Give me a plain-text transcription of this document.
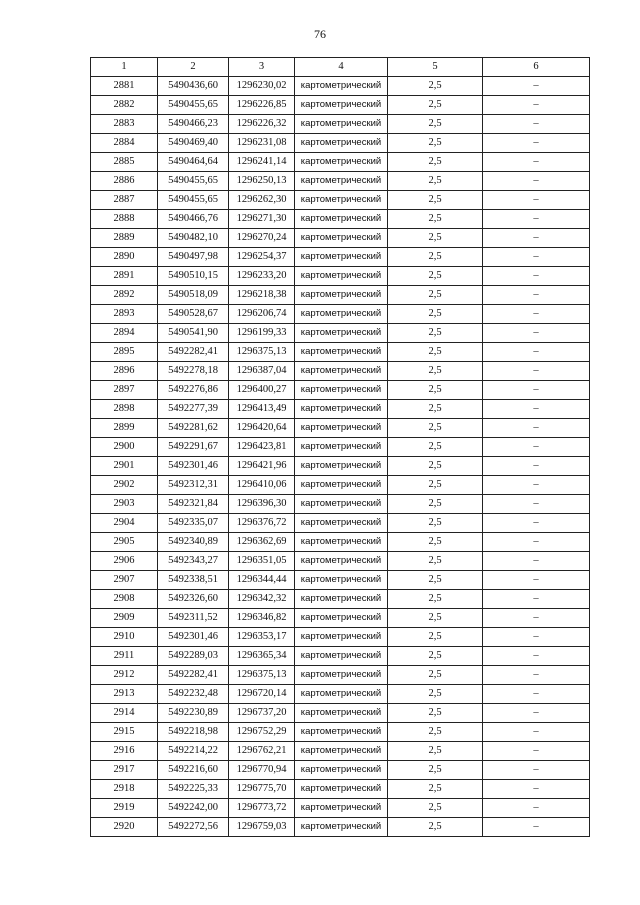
76
1	2	3	4	5	6
2881	5490436,60	1296230,02	картометрический	2,5	–
2882	5490455,65	1296226,85	картометрический	2,5	–
2883	5490466,23	1296226,32	картометрический	2,5	–
2884	5490469,40	1296231,08	картометрический	2,5	–
2885	5490464,64	1296241,14	картометрический	2,5	–
2886	5490455,65	1296250,13	картометрический	2,5	–
2887	5490455,65	1296262,30	картометрический	2,5	–
2888	5490466,76	1296271,30	картометрический	2,5	–
2889	5490482,10	1296270,24	картометрический	2,5	–
2890	5490497,98	1296254,37	картометрический	2,5	–
2891	5490510,15	1296233,20	картометрический	2,5	–
2892	5490518,09	1296218,38	картометрический	2,5	–
2893	5490528,67	1296206,74	картометрический	2,5	–
2894	5490541,90	1296199,33	картометрический	2,5	–
2895	5492282,41	1296375,13	картометрический	2,5	–
2896	5492278,18	1296387,04	картометрический	2,5	–
2897	5492276,86	1296400,27	картометрический	2,5	–
2898	5492277,39	1296413,49	картометрический	2,5	–
2899	5492281,62	1296420,64	картометрический	2,5	–
2900	5492291,67	1296423,81	картометрический	2,5	–
2901	5492301,46	1296421,96	картометрический	2,5	–
2902	5492312,31	1296410,06	картометрический	2,5	–
2903	5492321,84	1296396,30	картометрический	2,5	–
2904	5492335,07	1296376,72	картометрический	2,5	–
2905	5492340,89	1296362,69	картометрический	2,5	–
2906	5492343,27	1296351,05	картометрический	2,5	–
2907	5492338,51	1296344,44	картометрический	2,5	–
2908	5492326,60	1296342,32	картометрический	2,5	–
2909	5492311,52	1296346,82	картометрический	2,5	–
2910	5492301,46	1296353,17	картометрический	2,5	–
2911	5492289,03	1296365,34	картометрический	2,5	–
2912	5492282,41	1296375,13	картометрический	2,5	–
2913	5492232,48	1296720,14	картометрический	2,5	–
2914	5492230,89	1296737,20	картометрический	2,5	–
2915	5492218,98	1296752,29	картометрический	2,5	–
2916	5492214,22	1296762,21	картометрический	2,5	–
2917	5492216,60	1296770,94	картометрический	2,5	–
2918	5492225,33	1296775,70	картометрический	2,5	–
2919	5492242,00	1296773,72	картометрический	2,5	–
2920	5492272,56	1296759,03	картометрический	2,5	–
